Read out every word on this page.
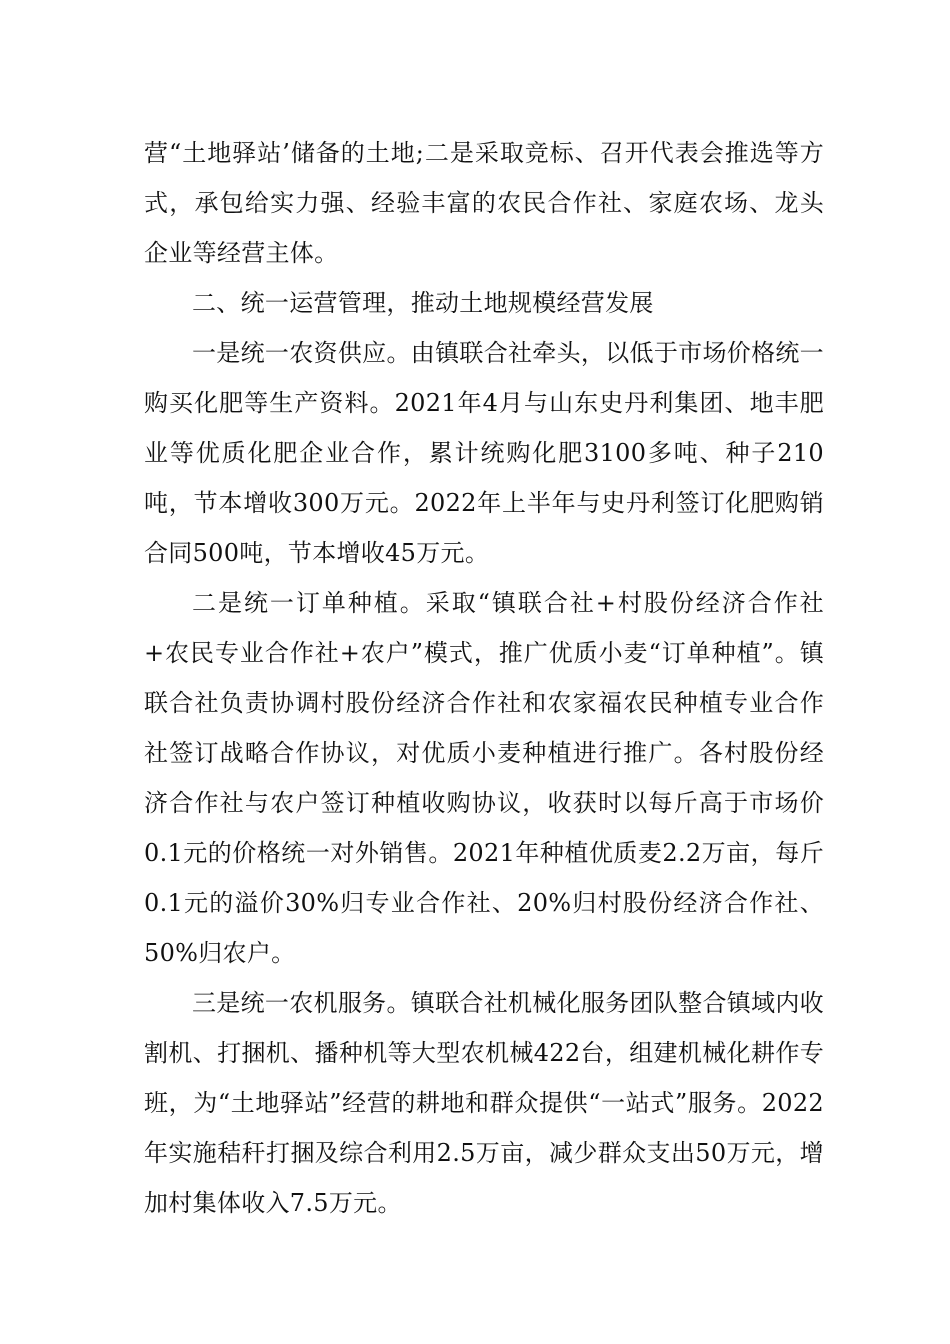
营“土地驿站’储备的土地;二是采取竞标、召开代表会推选等方式，承包给实力强、经验丰富的农民合作社、家庭农场、龙头企业等经营主体。

二、统一运营管理，推动土地规模经营发展

一是统一农资供应。由镇联合社牵头，以低于市场价格统一购买化肥等生产资料。2021年4月与山东史丹利集团、地丰肥业等优质化肥企业合作，累计统购化肥3100多吨、种子210吨，节本增收300万元。2022年上半年与史丹利签订化肥购销合同500吨，节本增收45万元。

二是统一订单种植。采取“镇联合社+村股份经济合作社+农民专业合作社+农户”模式，推广优质小麦“订单种植”。镇联合社负责协调村股份经济合作社和农家福农民种植专业合作社签订战略合作协议，对优质小麦种植进行推广。各村股份经济合作社与农户签订种植收购协议，收获时以每斤高于市场价0.1元的价格统一对外销售。2021年种植优质麦2.2万亩，每斤0.1元的溢价30%归专业合作社、20%归村股份经济合作社、50%归农户。

三是统一农机服务。镇联合社机械化服务团队整合镇域内收割机、打捆机、播种机等大型农机械422台，组建机械化耕作专班，为“土地驿站”经营的耕地和群众提供“一站式”服务。2022年实施秸秆打捆及综合利用2.5万亩，减少群众支出50万元，增加村集体收入7.5万元。
